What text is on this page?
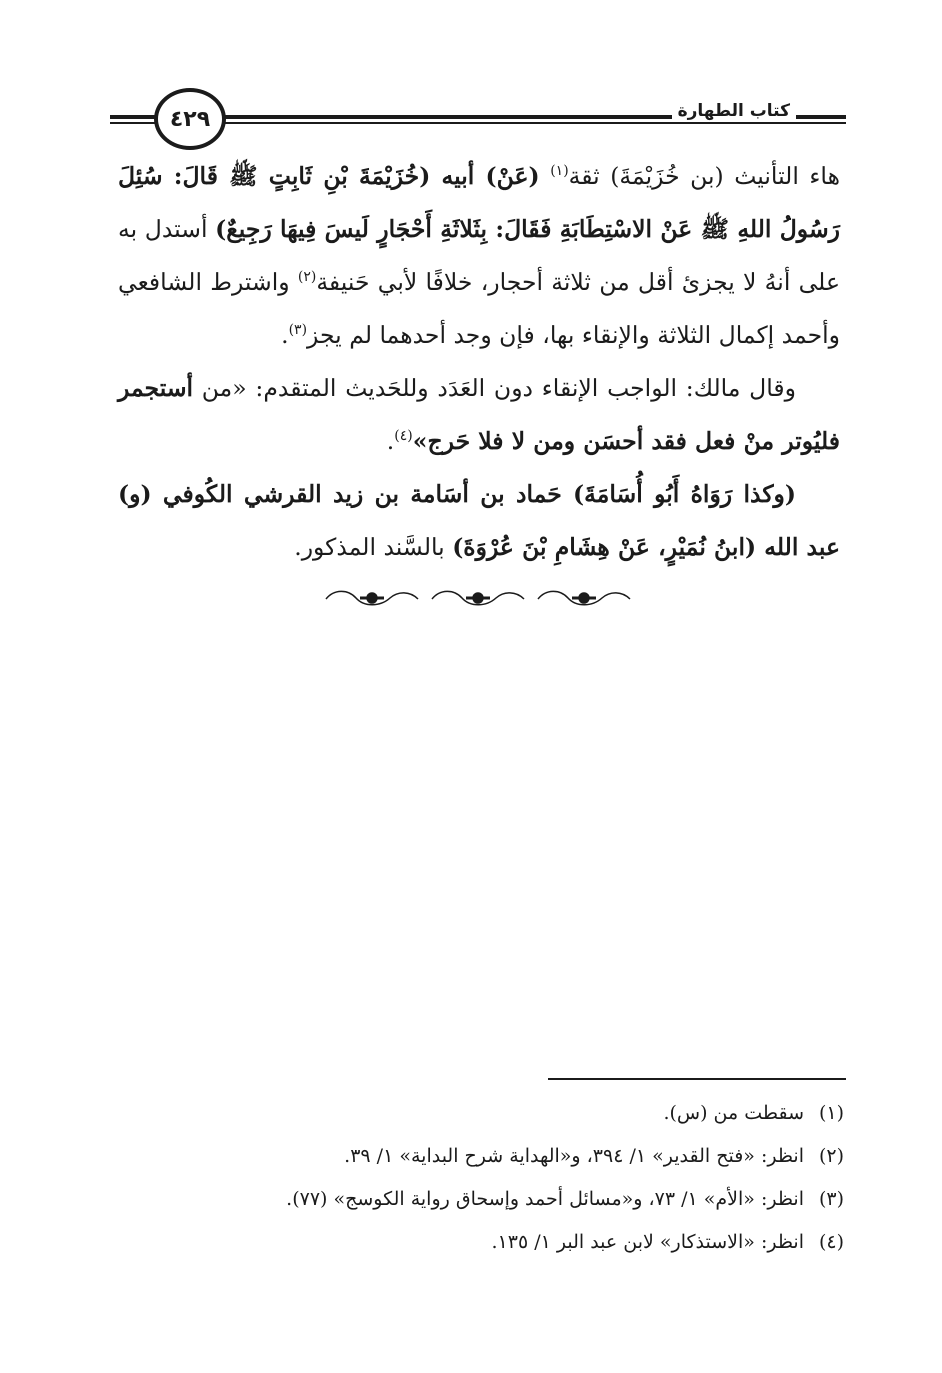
٤٢٩	كتاب الطهارة

هاء التأنيث (بن خُزَيْمَةَ) ثقة$^{(١)}$ (عَنْ) أبيه (خُزَيْمَةَ بْنِ ثَابِتٍ ﷺ قَالَ: سُئِلَ رَسُولُ اللهِ ﷺ عَنْ الاسْتِطَابَةِ فَقَالَ: بِثَلاثَةِ أَحْجَارٍ لَيسَ فِيهَا رَجِيعٌ) أستدل به على أنهُ لا يجزئ أقل من ثلاثة أحجار، خلافًا لأبي حَنيفة$^{(٢)}$ واشترط الشافعي وأحمد إكمال الثلاثة والإنقاء بها، فإن وجد أحدهما لم يجز$^{(٣)}$.

وقال مالك: الواجب الإنقاء دون العَدَد وللحَديث المتقدم: «من أستجمر فليُوتر منْ فعل فقد أحسَن ومن لا فلا حَرج»$^{(٤)}$.

(وكذا رَوَاهُ أَبُو أُسَامَةَ) حَماد بن أسَامة بن زيد القرشي الكُوفي (و) عبد الله (ابنُ نُمَيْرٍ، عَنْ هِشَامِ بْنَ عُرْوَةَ) بالسَّند المذكور.

(١)سقطت من (س).
(٢)انظر: «فتح القدير» ١/ ٣٩٤، و«الهداية شرح البداية» ١/ ٣٩.
(٣)انظر: «الأم» ١/ ٧٣، و«مسائل أحمد وإسحاق رواية الكوسج» (٧٧).
(٤)انظر: «الاستذكار» لابن عبد البر ١/ ١٣٥.
